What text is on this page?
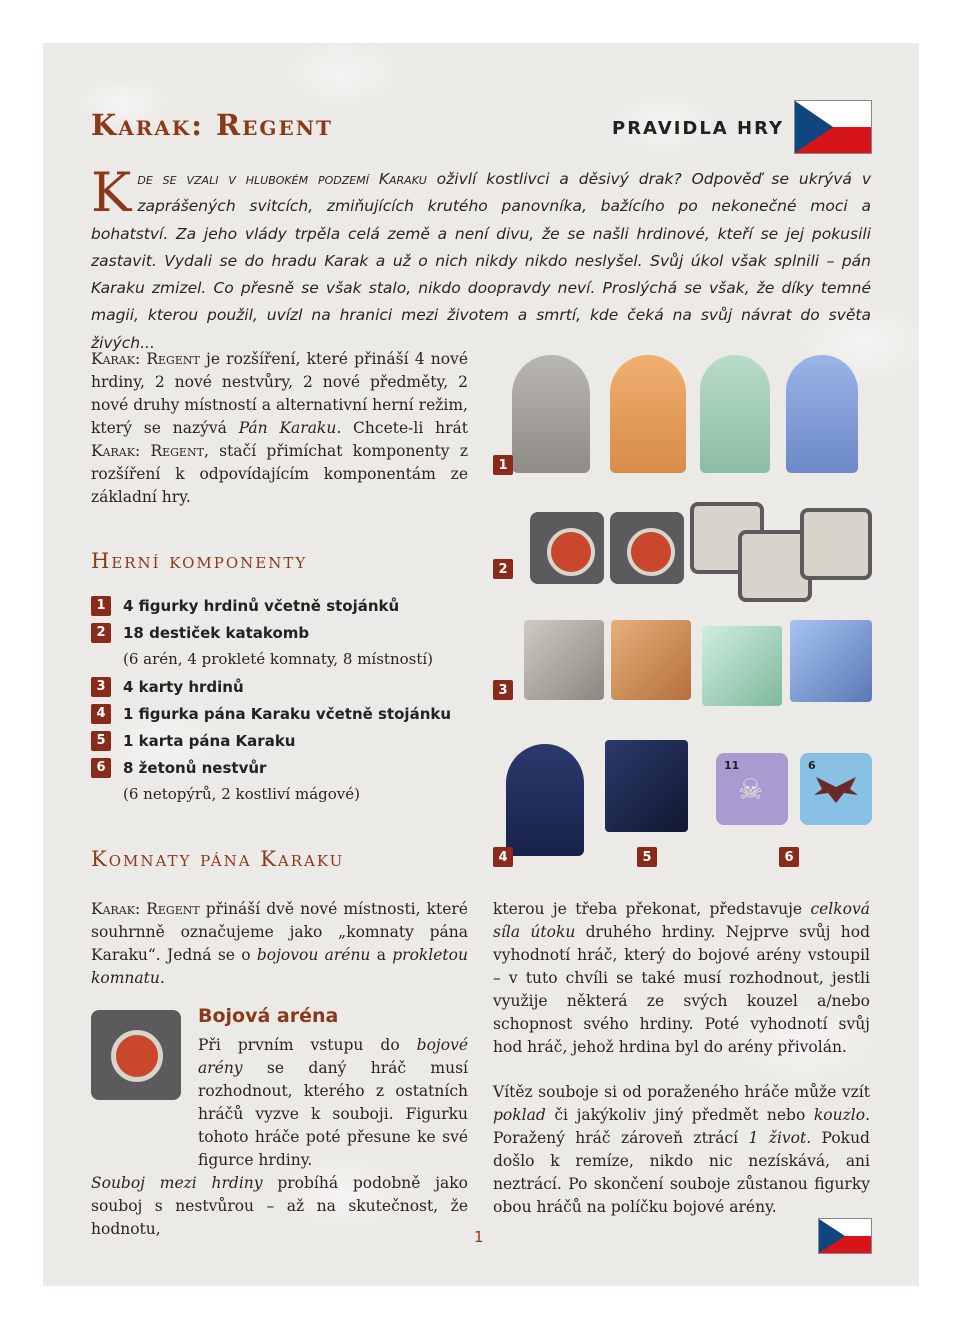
Karak: Regent	PRAVIDLA HRY
Kde se vzali v hlubokém podzemí Karaku oživlí kostlivci a děsivý drak? Odpověď se ukrývá v zaprášených svitcích, zmiňujících krutého panovníka, bažícího po nekonečné moci a bohatství. Za jeho vlády trpěla celá země a není divu, že se našli hrdinové, kteří se jej pokusili zastavit. Vydali se do hradu Karak a už o nich nikdy nikdo neslyšel. Svůj úkol však splnili – pán Karaku zmizel. Co přesně se však stalo, nikdo doopravdy neví. Proslýchá se však, že díky temné magii, kterou použil, uvízl na hranici mezi životem a smrtí, kde čeká na svůj návrat do světa živých...
Karak: Regent je rozšíření, které přináší 4 nové hrdiny, 2 nové nestvůry, 2 nové předměty, 2 nové druhy místností a alternativní herní režim, který se nazývá Pán Karaku. Chcete-li hrát Karak: Regent, stačí přimíchat komponenty z rozšíření k odpovídajícím komponentám ze základní hry.
Herní komponenty
1	4 figurky hrdinů včetně stojánků
2	18 destiček katakomb
(6 arén, 4 prokleté komnaty, 8 místností)
3	4 karty hrdinů
4	1 figurka pána Karaku včetně stojánku
5	1 karta pána Karaku
6	8 žetonů nestvůr
(6 netopýrů, 2 kostliví mágové)
1
2
3
11
☠
6
4	5	6
Komnaty pána Karaku
Karak: Regent přináší dvě nové místnosti, které souhrnně označujeme jako „komnaty pána Karaku“. Jedná se o bojovou arénu a prokletou komnatu.
Bojová aréna
Při prvním vstupu do bojové arény se daný hráč musí rozhodnout, kterého z ostatních hráčů vyzve k souboji. Figurku tohoto hráče poté přesune ke své figurce hrdiny.
Souboj mezi hrdiny probíhá podobně jako souboj s nestvůrou – až na skutečnost, že hodnotu,
kterou je třeba překonat, představuje celková síla útoku druhého hrdiny. Nejprve svůj hod vyhodnotí hráč, který do bojové arény vstoupil – v tuto chvíli se také musí rozhodnout, jestli využije některá ze svých kouzel a/nebo schopnost svého hrdiny. Poté vyhodnotí svůj hod hráč, jehož hrdina byl do arény přivolán.
Vítěz souboje si od poraženého hráče může vzít poklad či jakýkoliv jiný předmět nebo kouzlo. Poražený hráč zároveň ztrácí 1 život. Pokud došlo k remíze, nikdo nic nezískává, ani neztrácí. Po skončení souboje zůstanou figurky obou hráčů na políčku bojové arény.
1
